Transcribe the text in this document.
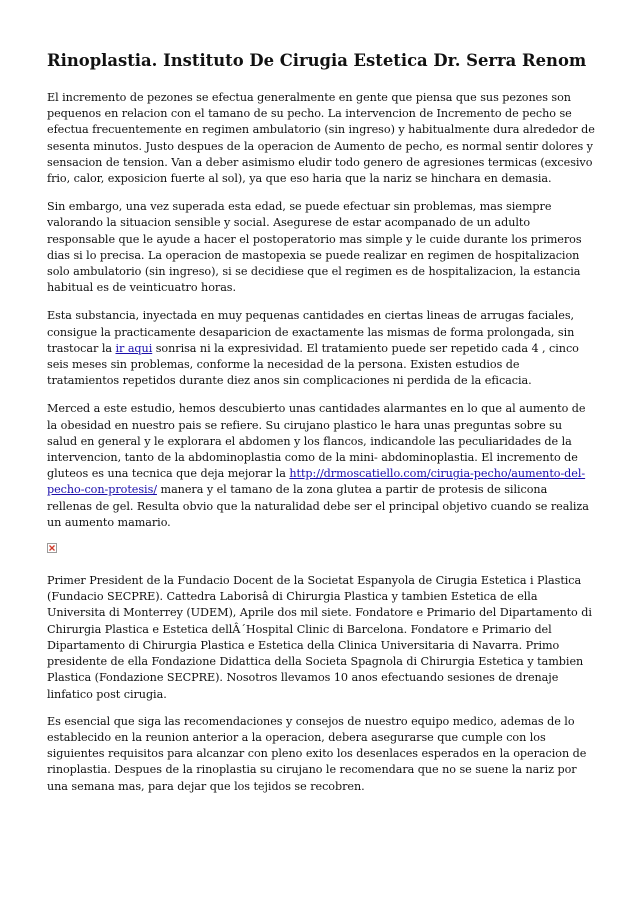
Rinoplastia. Instituto De Cirugia Estetica Dr. Serra Renom

El incremento de pezones se efectua generalmente en gente que piensa que sus pezones son pequenos en relacion con el tamano de su pecho. La intervencion de Incremento de pecho se efectua frecuentemente en regimen ambulatorio (sin ingreso) y habitualmente dura alrededor de sesenta minutos. Justo despues de la operacion de Aumento de pecho, es normal sentir dolores y sensacion de tension. Van a deber asimismo eludir todo genero de agresiones termicas (excesivo frio, calor, exposicion fuerte al sol), ya que eso haria que la nariz se hinchara en demasia.

Sin embargo, una vez superada esta edad, se puede efectuar sin problemas, mas siempre valorando la situacion sensible y social. Asegurese de estar acompanado de un adulto responsable que le ayude a hacer el postoperatorio mas simple y le cuide durante los primeros dias si lo precisa. La operacion de mastopexia se puede realizar en regimen de hospitalizacion solo ambulatorio (sin ingreso), si se decidiese que el regimen es de hospitalizacion, la estancia habitual es de veinticuatro horas.

Esta substancia, inyectada en muy pequenas cantidades en ciertas lineas de arrugas faciales, consigue la practicamente desaparicion de exactamente las mismas de forma prolongada, sin trastocar la ir aqui sonrisa ni la expresividad. El tratamiento puede ser repetido cada 4 , cinco seis meses sin problemas, conforme la necesidad de la persona. Existen estudios de tratamientos repetidos durante diez anos sin complicaciones ni perdida de la eficacia.

Merced a este estudio, hemos descubierto unas cantidades alarmantes en lo que al aumento de la obesidad en nuestro pais se refiere. Su cirujano plastico le hara unas preguntas sobre su salud en general y le explorara el abdomen y los flancos, indicandole las peculiaridades de la intervencion, tanto de la abdominoplastia como de la mini- abdominoplastia. El incremento de gluteos es una tecnica que deja mejorar la http://drmoscatiello.com/cirugia-pecho/aumento-del-pecho-con-protesis/ manera y el tamano de la zona glutea a partir de protesis de silicona rellenas de gel. Resulta obvio que la naturalidad debe ser el principal objetivo cuando se realiza un aumento mamario.

Primer President de la Fundacio Docent de la Societat Espanyola de Cirugia Estetica i Plastica (Fundacio SECPRE). Cattedra Laborisâ di Chirurgia Plastica y tambien Estetica de ella Universita di Monterrey (UDEM), Aprile dos mil siete. Fondatore e Primario del Dipartamento di Chirurgia Plastica e Estetica dellÂ´Hospital Clinic di Barcelona. Fondatore e Primario del Dipartamento di Chirurgia Plastica e Estetica della Clinica Universitaria di Navarra. Primo presidente de ella Fondazione Didattica della Societa Spagnola di Chirurgia Estetica y tambien Plastica (Fondazione SECPRE). Nosotros llevamos 10 anos efectuando sesiones de drenaje linfatico post cirugia.

Es esencial que siga las recomendaciones y consejos de nuestro equipo medico, ademas de lo establecido en la reunion anterior a la operacion, debera asegurarse que cumple con los siguientes requisitos para alcanzar con pleno exito los desenlaces esperados en la operacion de rinoplastia. Despues de la rinoplastia su cirujano le recomendara que no se suene la nariz por una semana mas, para dejar que los tejidos se recobren.
